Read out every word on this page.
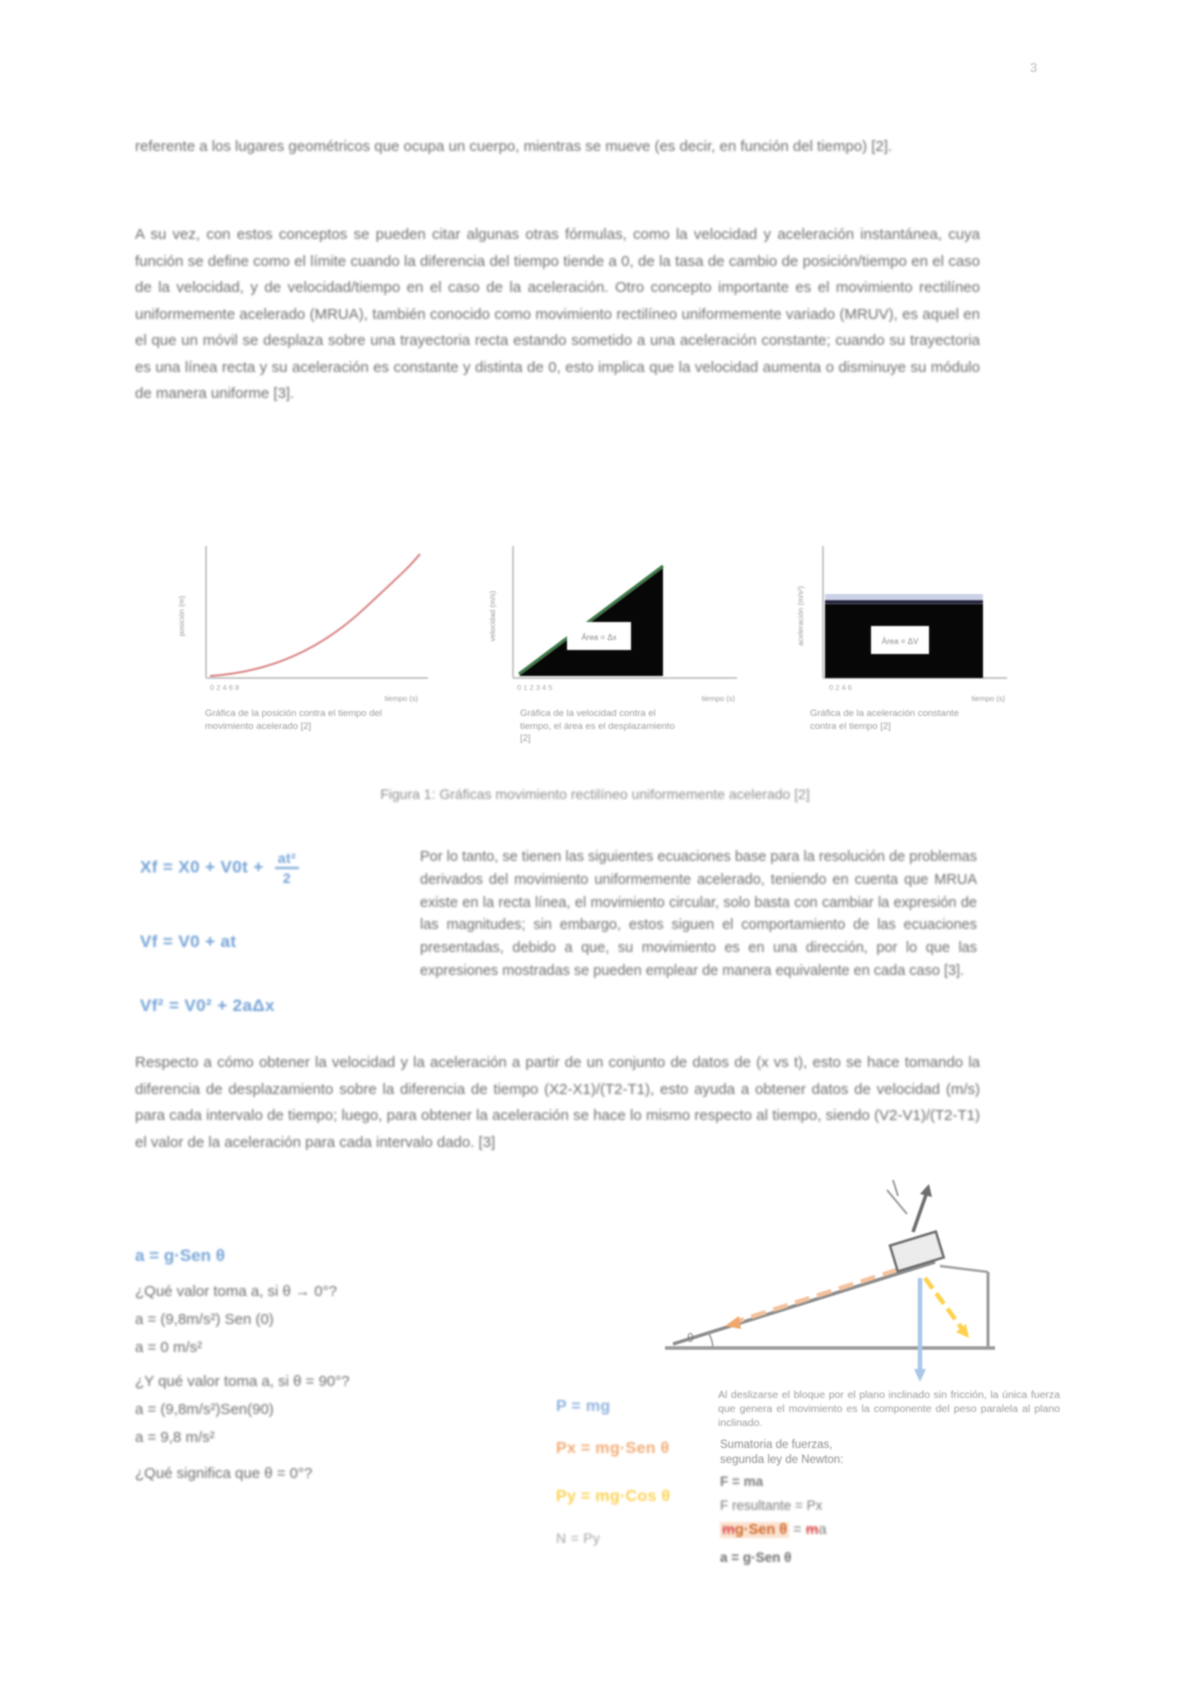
3
referente a los lugares geométricos que ocupa un cuerpo, mientras se mueve (es decir, en función del tiempo) [2].
A su vez, con estos conceptos se pueden citar algunas otras fórmulas, como la velocidad y aceleración instantánea, cuya función se define como el límite cuando la diferencia del tiempo tiende a 0, de la tasa de cambio de posición/tiempo en el caso de la velocidad, y de velocidad/tiempo en el caso de la aceleración. Otro concepto importante es el movimiento rectilíneo uniformemente acelerado (MRUA), también conocido como movimiento rectilíneo uniformemente variado (MRUV), es aquel en el que un móvil se desplaza sobre una trayectoria recta estando sometido a una aceleración constante; cuando su trayectoria es una línea recta y su aceleración es constante y distinta de 0, esto implica que la velocidad aumenta o disminuye su módulo de manera uniforme [3].
posición (m)
0 2 4 6 8
tiempo (s)
Gráfica de la posición contra el tiempo del movimiento acelerado [2]
velocidad (m/s)	Área = Δx
0 1 2 3 4 5
tiempo (s)
Gráfica de la velocidad contra el tiempo, el área es el desplazamiento [2]
aceleración (m/s²)	Área = ΔV
0 2 4 6
tiempo (s)
Gráfica de la aceleración constante contra el tiempo [2]
Figura 1: Gráficas movimiento rectilíneo uniformemente acelerado [2]
$Xf = X0 + V0t + \frac{\text{at²}}{2}$
Vf = V0 + at
Vf² = V0² + 2aΔx
Por lo tanto, se tienen las siguientes ecuaciones base para la resolución de problemas derivados del movimiento uniformemente acelerado, teniendo en cuenta que MRUA existe en la recta línea, el movimiento circular, solo basta con cambiar la expresión de las magnitudes; sin embargo, estos siguen el comportamiento de las ecuaciones presentadas, debido a que, su movimiento es en una dirección, por lo que las expresiones mostradas se pueden emplear de manera equivalente en cada caso [3].
Respecto a cómo obtener la velocidad y la aceleración a partir de un conjunto de datos de (x vs t), esto se hace tomando la diferencia de desplazamiento sobre la diferencia de tiempo (X2-X1)/(T2-T1), esto ayuda a obtener datos de velocidad (m/s) para cada intervalo de tiempo; luego, para obtener la aceleración se hace lo mismo respecto al tiempo, siendo (V2-V1)/(T2-T1) el valor de la aceleración para cada intervalo dado. [3]
a = g·Sen θ
¿Qué valor toma a, si θ → 0°?
a = (9,8m/s²) Sen (0)
a = 0 m/s²
¿Y qué valor toma a, si θ = 90°?
a = (9,8m/s²)Sen(90)
a = 9,8 m/s²
¿Qué significa que θ = 0°?
θ
P = mg
Px = mg·Sen θ
Py = mg·Cos θ
N = Py
Al deslizarse el bloque por el plano inclinado sin fricción, la única fuerza que genera el movimiento es la componente del peso paralela al plano inclinado.
Sumatoria de fuerzas,
segunda ley de Newton:
F = ma
F resultante = Px
mg·Sen θ = ma
a = g·Sen θ
